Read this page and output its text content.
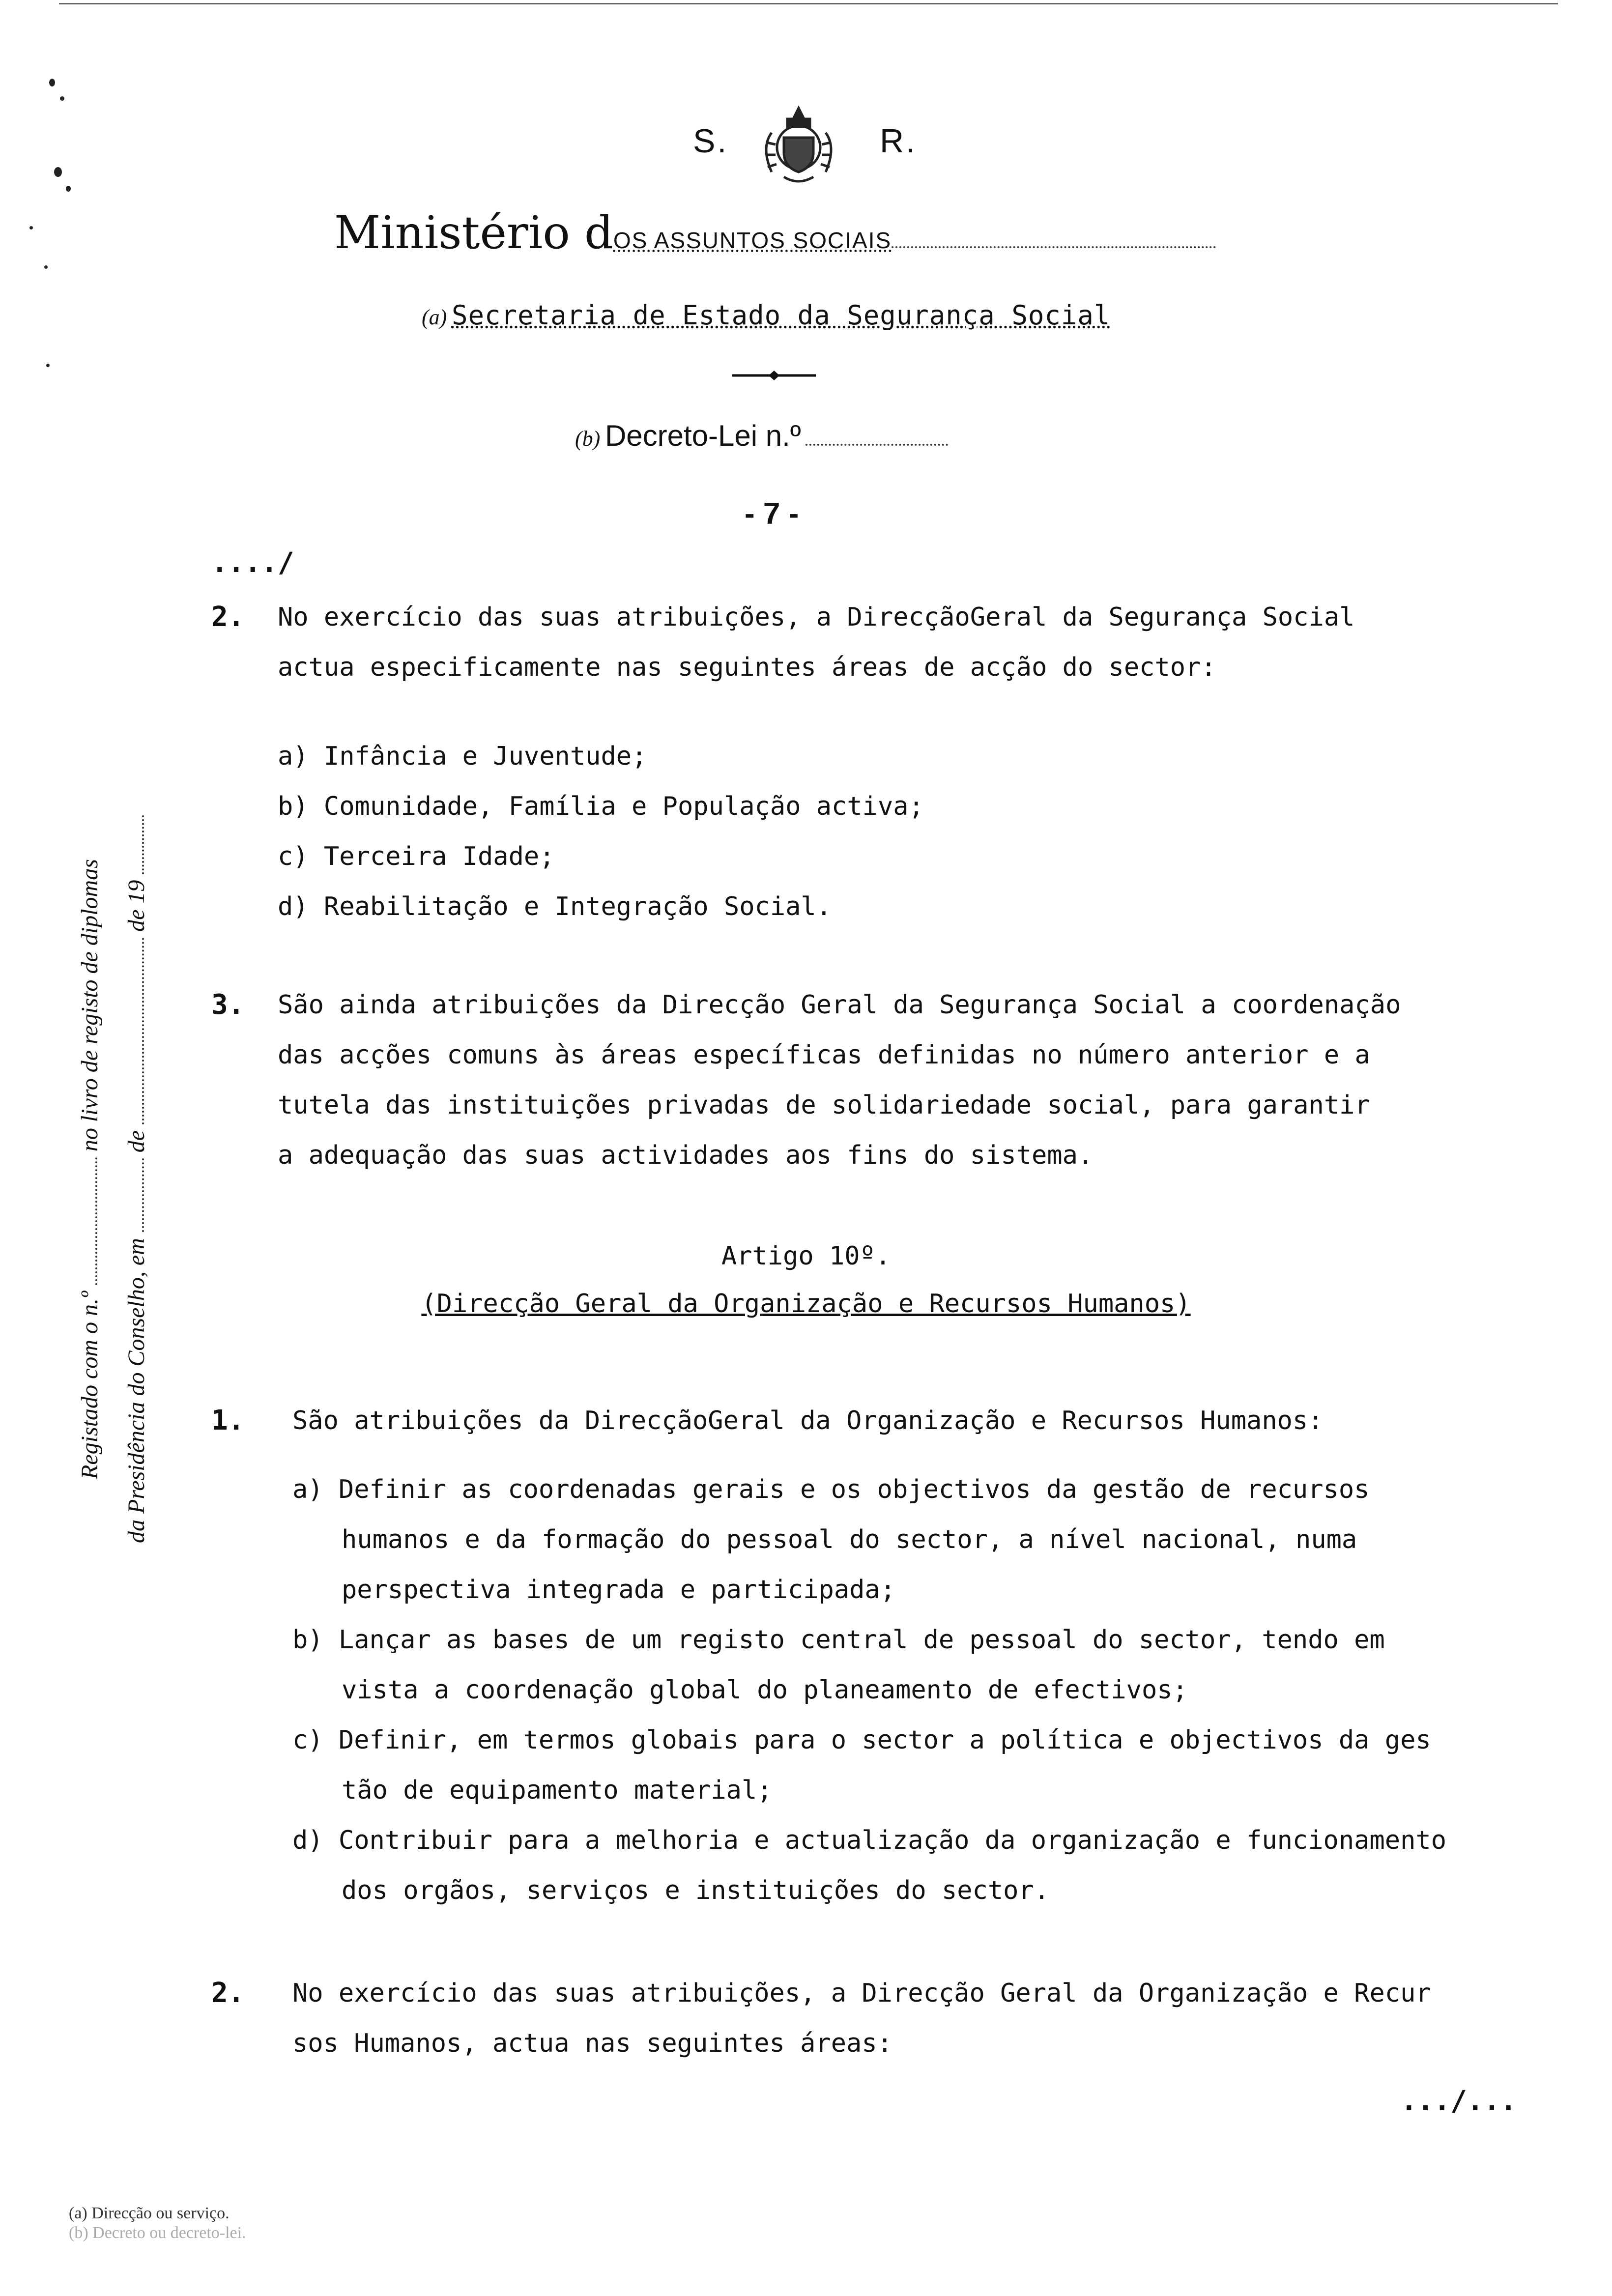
S.	R.
Ministério dOS ASSUNTOS SOCIAIS
(a) Secretaria de Estado da Segurança Social
(b) Decreto-Lei n.º
- 7 -
..../
2. No exercício das suas atribuições, a DirecçãoGeral da Segurança Social
actua especificamente nas seguintes áreas de acção do sector:
a) Infância e Juventude;
b) Comunidade, Família e População activa;
c) Terceira Idade;
d) Reabilitação e Integração Social.
3. São ainda atribuições da Direcção Geral da Segurança Social a coordenação
das acções comuns às áreas específicas definidas no número anterior e a
tutela das instituições privadas de solidariedade social, para garantir
a adequação das suas actividades aos fins do sistema.
Artigo 10º.
(Direcção Geral da Organização e Recursos Humanos)
1. São atribuições da DirecçãoGeral da Organização e Recursos Humanos:
a) Definir as coordenadas gerais e os objectivos da gestão de recursos
humanos e da formação do pessoal do sector, a nível nacional, numa
perspectiva integrada e participada;
b) Lançar as bases de um registo central de pessoal do sector, tendo em
vista a coordenação global do planeamento de efectivos;
c) Definir, em termos globais para o sector a política e objectivos da ges
tão de equipamento material;
d) Contribuir para a melhoria e actualização da organização e funcionamento
dos orgãos, serviços e instituições do sector.
2. No exercício das suas atribuições, a Direcção Geral da Organização e Recur
sos Humanos, actua nas seguintes áreas:
.../...
Registado com o n.º  no livro de registo de diplomas
da Presidência do Conselho, em  de  de 19
(a) Direcção ou serviço.
(b) Decreto ou decreto-lei.
